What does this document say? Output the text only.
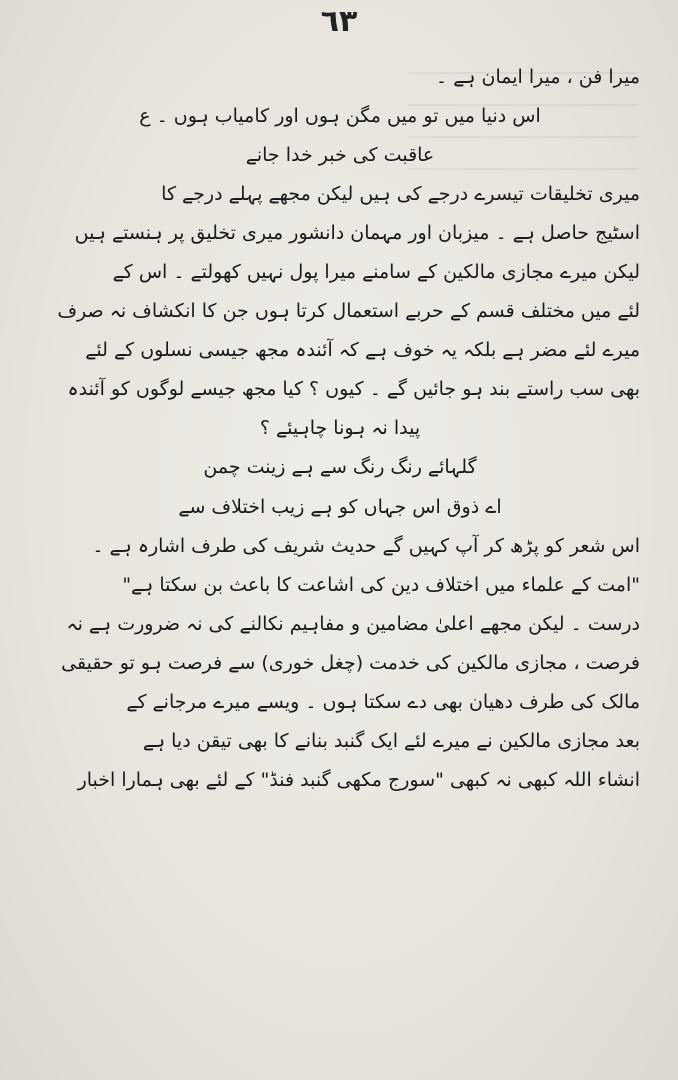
٦٣
میرا فن ، میرا ایمان ہے ۔
اس دنیا میں تو میں مگن ہوں اور کامیاب ہوں ۔ ع
عاقبت کی خبر خدا جانے
میری تخلیقات تیسرے درجے کی ہیں لیکن مجھے پہلے درجے کا
اسٹیج حاصل ہے ۔ میزبان اور مہمان دانشور میری تخلیق پر ہنستے ہیں
لیکن میرے مجازی مالکین کے سامنے میرا پول نہیں کھولتے ۔ اس کے
لئے میں مختلف قسم کے حربے استعمال کرتا ہوں جن کا انکشاف نہ صرف
میرے لئے مضر ہے بلکہ یہ خوف ہے کہ آئندہ مجھ جیسی نسلوں کے لئے
بھی سب راستے بند ہو جائیں گے ۔ کیوں ؟ کیا مجھ جیسے لوگوں کو آئندہ
پیدا نہ ہونا چاہیئے ؟
گلہائے رنگ رنگ سے ہے زینت چمن
اے ذوق اس جہاں کو ہے زیب اختلاف سے
اس شعر کو پڑھ کر آپ کہیں گے حدیث شریف کی طرف اشارہ ہے ۔
"امت کے علماء میں اختلاف دین کی اشاعت کا باعث بن سکتا ہے"
درست ۔ لیکن مجھے اعلیٰ مضامین و مفاہیم نکالنے کی نہ ضرورت ہے نہ
فرصت ، مجازی مالکین کی خدمت (چغل خوری) سے فرصت ہو تو حقیقی
مالک کی طرف دھیان بھی دے سکتا ہوں ۔ ویسے میرے مرجانے کے
بعد مجازی مالکین نے میرے لئے ایک گنبد بنانے کا بھی تیقن دیا ہے
انشاء اللہ کبھی نہ کبھی "سورج مکھی گنبد فنڈ" کے لئے بھی ہمارا اخبار
